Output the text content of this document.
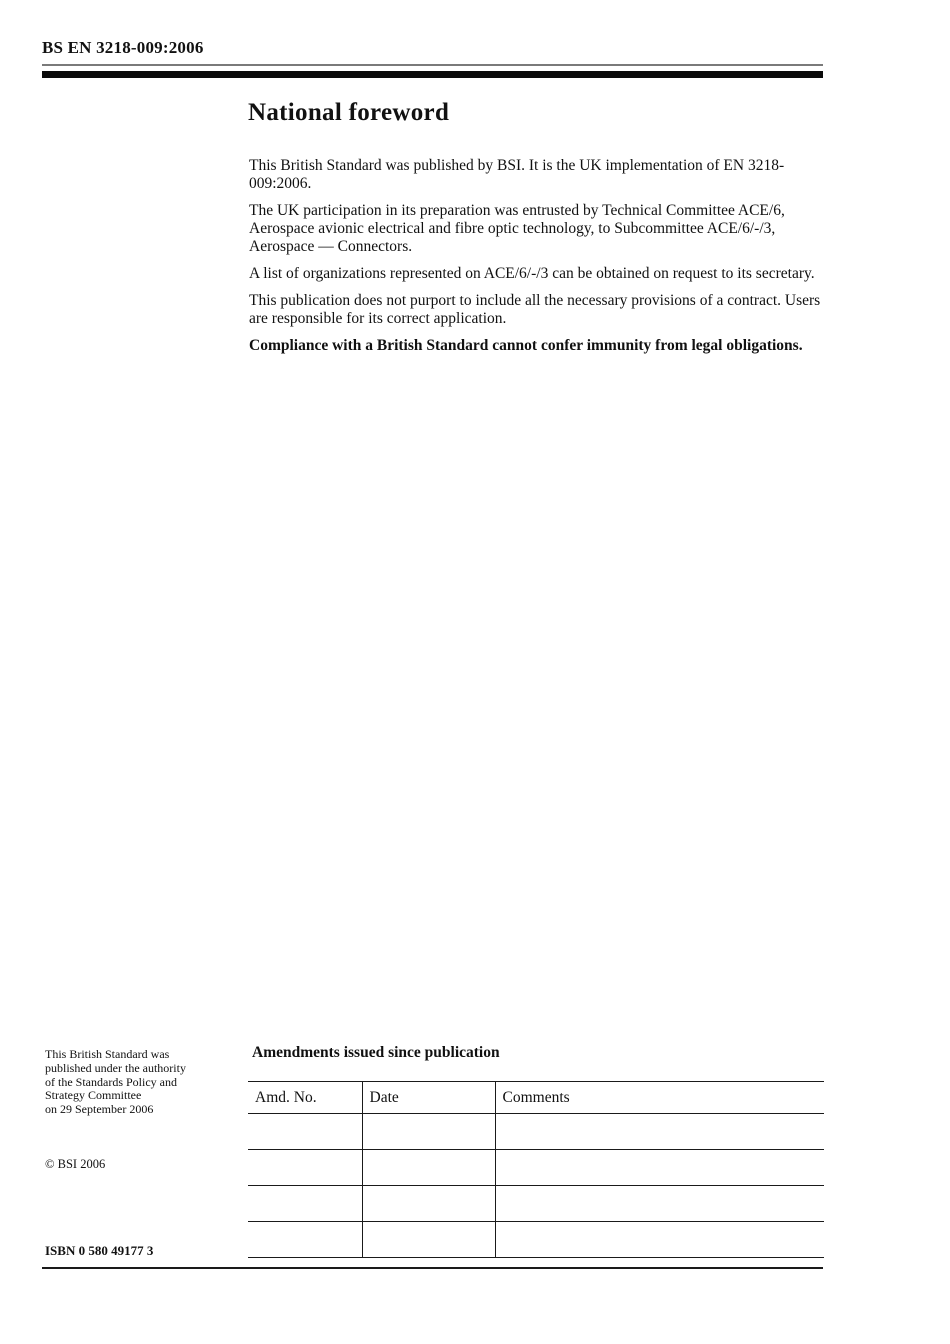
BS EN 3218-009:2006
National foreword

This British Standard was published by BSI. It is the UK implementation of EN 3218-009:2006.

The UK participation in its preparation was entrusted by Technical Committee ACE/6, Aerospace avionic electrical and fibre optic technology, to Subcommittee ACE/6/-/3, Aerospace — Connectors.

A list of organizations represented on ACE/6/-/3 can be obtained on request to its secretary.

This publication does not purport to include all the necessary provisions of a contract. Users are responsible for its correct application.

Compliance with a British Standard cannot confer immunity from legal obligations.

This British Standard was
published under the authority
of the Standards Policy and
Strategy Committee
on 29 September 2006
© BSI 2006
ISBN 0 580 49177 3
Amendments issued since publication
Amd. No.	Date	Comments
